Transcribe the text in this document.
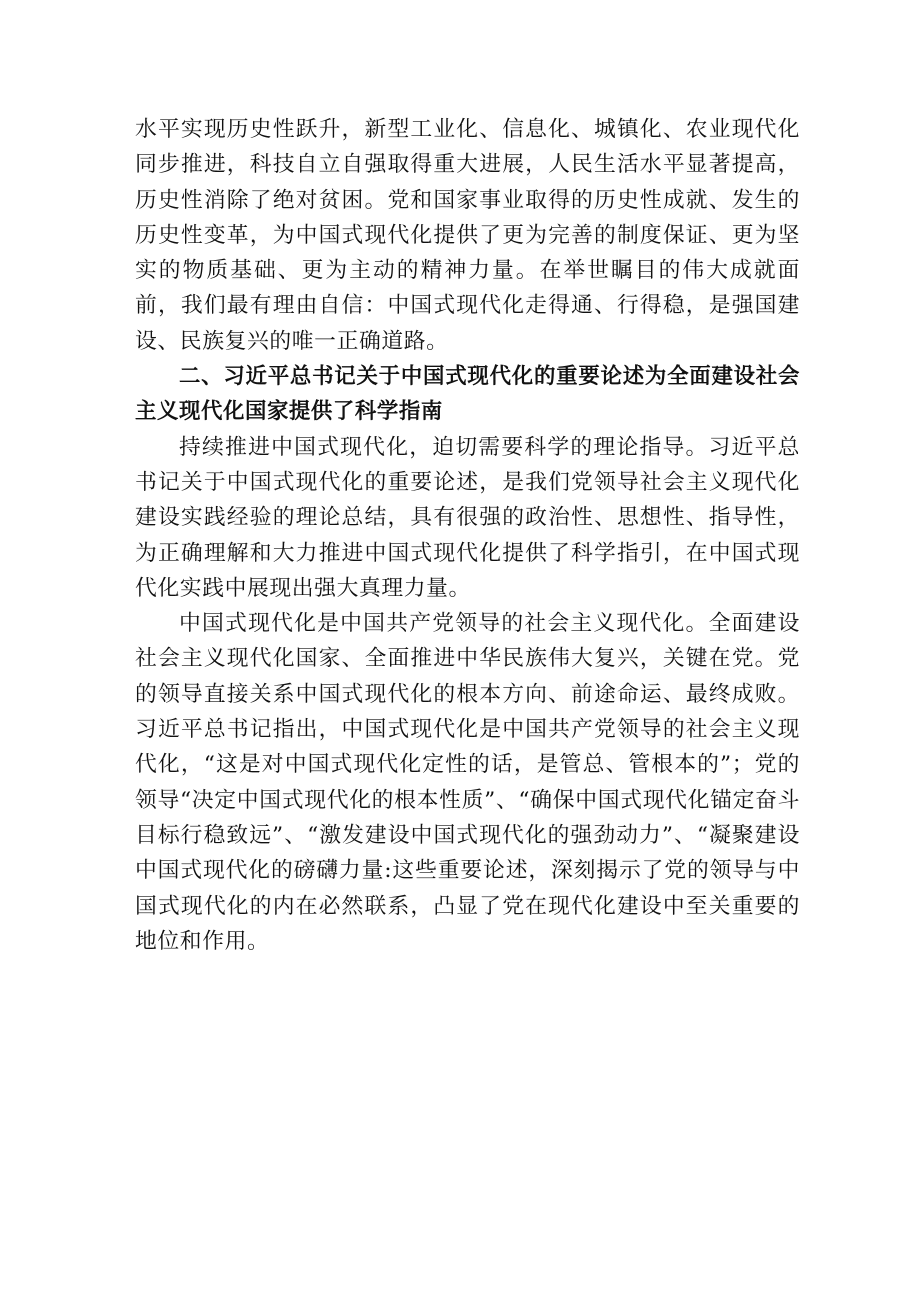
水平实现历史性跃升，新型工业化、信息化、城镇化、农业现代化同步推进，科技自立自强取得重大进展，人民生活水平显著提高，历史性消除了绝对贫困。党和国家事业取得的历史性成就、发生的历史性变革，为中国式现代化提供了更为完善的制度保证、更为坚实的物质基础、更为主动的精神力量。在举世瞩目的伟大成就面前，我们最有理由自信：中国式现代化走得通、行得稳，是强国建设、民族复兴的唯一正确道路。

二、习近平总书记关于中国式现代化的重要论述为全面建设社会主义现代化国家提供了科学指南

持续推进中国式现代化，迫切需要科学的理论指导。习近平总书记关于中国式现代化的重要论述，是我们党领导社会主义现代化建设实践经验的理论总结，具有很强的政治性、思想性、指导性，为正确理解和大力推进中国式现代化提供了科学指引，在中国式现代化实践中展现出强大真理力量。

中国式现代化是中国共产党领导的社会主义现代化。全面建设社会主义现代化国家、全面推进中华民族伟大复兴，关键在党。党的领导直接关系中国式现代化的根本方向、前途命运、最终成败。习近平总书记指出，中国式现代化是中国共产党领导的社会主义现代化，“这是对中国式现代化定性的话，是管总、管根本的”；党的领导“决定中国式现代化的根本性质”、“确保中国式现代化锚定奋斗目标行稳致远”、“激发建设中国式现代化的强劲动力”、“凝聚建设中国式现代化的磅礴力量:这些重要论述，深刻揭示了党的领导与中国式现代化的内在必然联系，凸显了党在现代化建设中至关重要的地位和作用。
